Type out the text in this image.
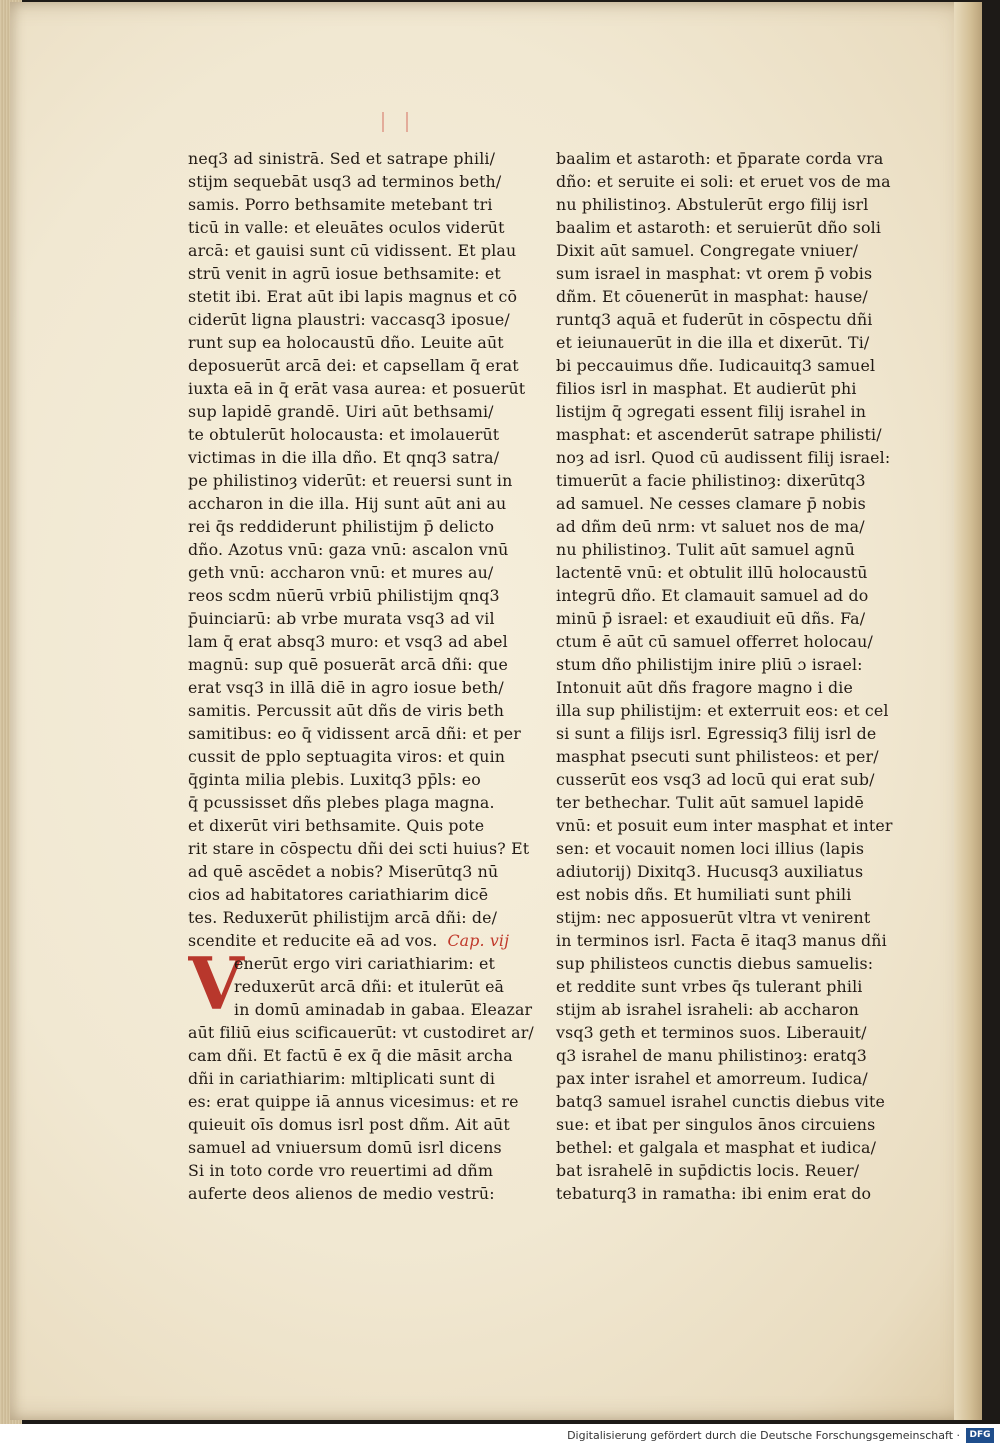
neq3 ad sinistrā. Sed et satrape phili/
stijm sequebāt usq3 ad terminos beth/
samis. Porro bethsamite metebant tri
ticū in valle: et eleuātes oculos viderūt
arcā: et gauisi sunt cū vidissent. Et plau
strū venit in agrū iosue bethsamite: et
stetit ibi. Erat aūt ibi lapis magnus et cō
ciderūt ligna plaustri: vaccasq3 iposue/
runt sup ea holocaustū dño. Leuite aūt
deposuerūt arcā dei: et capsellam q̄ erat
iuxta eā in q̄ erāt vasa aurea: et posuerūt
sup lapidē grandē. Uiri aūt bethsami/
te obtulerūt holocausta: et imolauerūt
victimas in die illa dño. Et qnq3 satra/
pe philistinoȝ viderūt: et reuersi sunt in
accharon in die illa. Hij sunt aūt ani au
rei q̄s reddiderunt philistijm p̄ delicto
dño. Azotus vnū: gaza vnū: ascalon vnū
geth vnū: accharon vnū: et mures au/
reos scdm nūerū vrbiū philistijm qnq3
p̄uinciarū: ab vrbe murata vsq3 ad vil
lam q̄ erat absq3 muro: et vsq3 ad abel
magnū: sup quē posuerāt arcā dñi: que
erat vsq3 in illā diē in agro iosue beth/
samitis. Percussit aūt dñs de viris beth
samitibus: eo q̄ vidissent arcā dñi: et per
cussit de pplo septuagita viros: et quin
q̄ginta milia plebis. Luxitq3 pp̄ls: eo
q̄ pcussisset dñs plebes plaga magna.
et dixerūt viri bethsamite. Quis pote
rit stare in cōspectu dñi dei scti huius? Et
ad quē ascēdet a nobis? Miserūtq3 nū
cios ad habitatores cariathiarim dicē
tes. Reduxerūt philistijm arcā dñi: de/
scendite et reducite eā ad vos. Cap. vij
V
enerūt ergo viri cariathiarim: et
reduxerūt arcā dñi: et itulerūt eā
in domū aminadab in gabaa. Eleazar
aūt filiū eius scificauerūt: vt custodiret ar/
cam dñi. Et factū ē ex q̄ die māsit archa
dñi in cariathiarim: mltiplicati sunt di
es: erat quippe iā annus vicesimus: et re
quieuit oīs domus isrl post dñm. Ait aūt
samuel ad vniuersum domū isrl dicens
Si in toto corde vro reuertimi ad dñm
auferte deos alienos de medio vestrū:
baalim et astaroth: et p̄parate corda vra
dño: et seruite ei soli: et eruet vos de ma
nu philistinoȝ. Abstulerūt ergo filij isrl
baalim et astaroth: et seruierūt dño soli
Dixit aūt samuel. Congregate vniuer/
sum israel in masphat: vt orem p̄ vobis
dñm. Et cōuenerūt in masphat: hause/
runtq3 aquā et fuderūt in cōspectu dñi
et ieiunauerūt in die illa et dixerūt. Ti/
bi peccauimus dñe. Iudicauitq3 samuel
filios isrl in masphat. Et audierūt phi
listijm q̄ ɔgregati essent filij israhel in
masphat: et ascenderūt satrape philisti/
noȝ ad isrl. Quod cū audissent filij israel:
timuerūt a facie philistinoȝ: dixerūtq3
ad samuel. Ne cesses clamare p̄ nobis
ad dñm deū nrm: vt saluet nos de ma/
nu philistinoȝ. Tulit aūt samuel agnū
lactentē vnū: et obtulit illū holocaustū
integrū dño. Et clamauit samuel ad do
minū p̄ israel: et exaudiuit eū dñs. Fa/
ctum ē aūt cū samuel offerret holocau/
stum dño philistijm inire pliū ɔ israel:
Intonuit aūt dñs fragore magno i die
illa sup philistijm: et exterruit eos: et cel
si sunt a filijs isrl. Egressiq3 filij isrl de
masphat psecuti sunt philisteos: et per/
cusserūt eos vsq3 ad locū qui erat sub/
ter bethechar. Tulit aūt samuel lapidē
vnū: et posuit eum inter masphat et inter
sen: et vocauit nomen loci illius (lapis
adiutorij) Dixitq3. Hucusq3 auxiliatus
est nobis dñs. Et humiliati sunt phili
stijm: nec apposuerūt vltra vt venirent
in terminos isrl. Facta ē itaq3 manus dñi
sup philisteos cunctis diebus samuelis:
et reddite sunt vrbes q̄s tulerant phili
stijm ab israhel israheli: ab accharon
vsq3 geth et terminos suos. Liberauit/
q3 israhel de manu philistinoȝ: eratq3
pax inter israhel et amorreum. Iudica/
batq3 samuel israhel cunctis diebus vite
sue: et ibat per singulos ānos circuiens
bethel: et galgala et masphat et iudica/
bat israhelē in sup̄dictis locis. Reuer/
tebaturq3 in ramatha: ibi enim erat do
Digitalisierung gefördert durch die Deutsche Forschungsgemeinschaft ·	DFG
